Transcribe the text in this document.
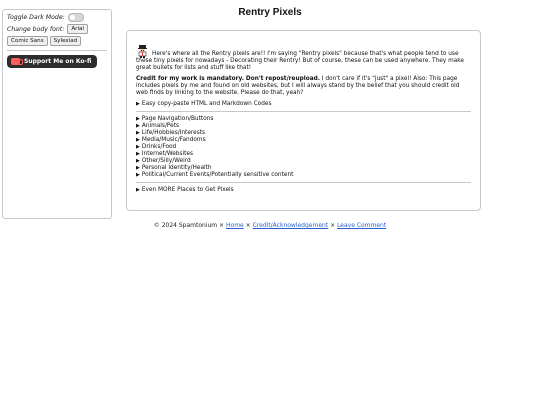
Toggle Dark Mode:
Change body font:	Arial
Comic Sans	Sylexiad
Support Me on Ko-fi
Rentry Pixels

Here's where all the Rentry pixels are!! I'm saying "Rentry pixels" because that's what people tend to use these tiny pixels for nowadays - Decorating their Rentry! But of course, these can be used anywhere. They make great bullets for lists and stuff like that!

Credit for my work is mandatory. Don't repost/reupload. I don't care if it's "just" a pixel! Also: This page includes pixels by me and found on old websites, but I will always stand by the belief that you should credit old web finds by linking to the website. Please do that, yeah?

▶ Easy copy-paste HTML and Markdown Codes

▶ Page Navigation/Buttons
▶ Animals/Pets
▶ Life/Hobbies/Interests
▶ Media/Music/Fandoms
▶ Drinks/Food
▶ Internet/Websites
▶ Other/Silly/Weird
▶ Personal Identity/Health
▶ Political/Current Events/Potentially sensitive content

▶ Even MORE Places to Get Pixels

© 2024 Spamtonium × Home × Credit/Acknowledgement × Leave Comment
